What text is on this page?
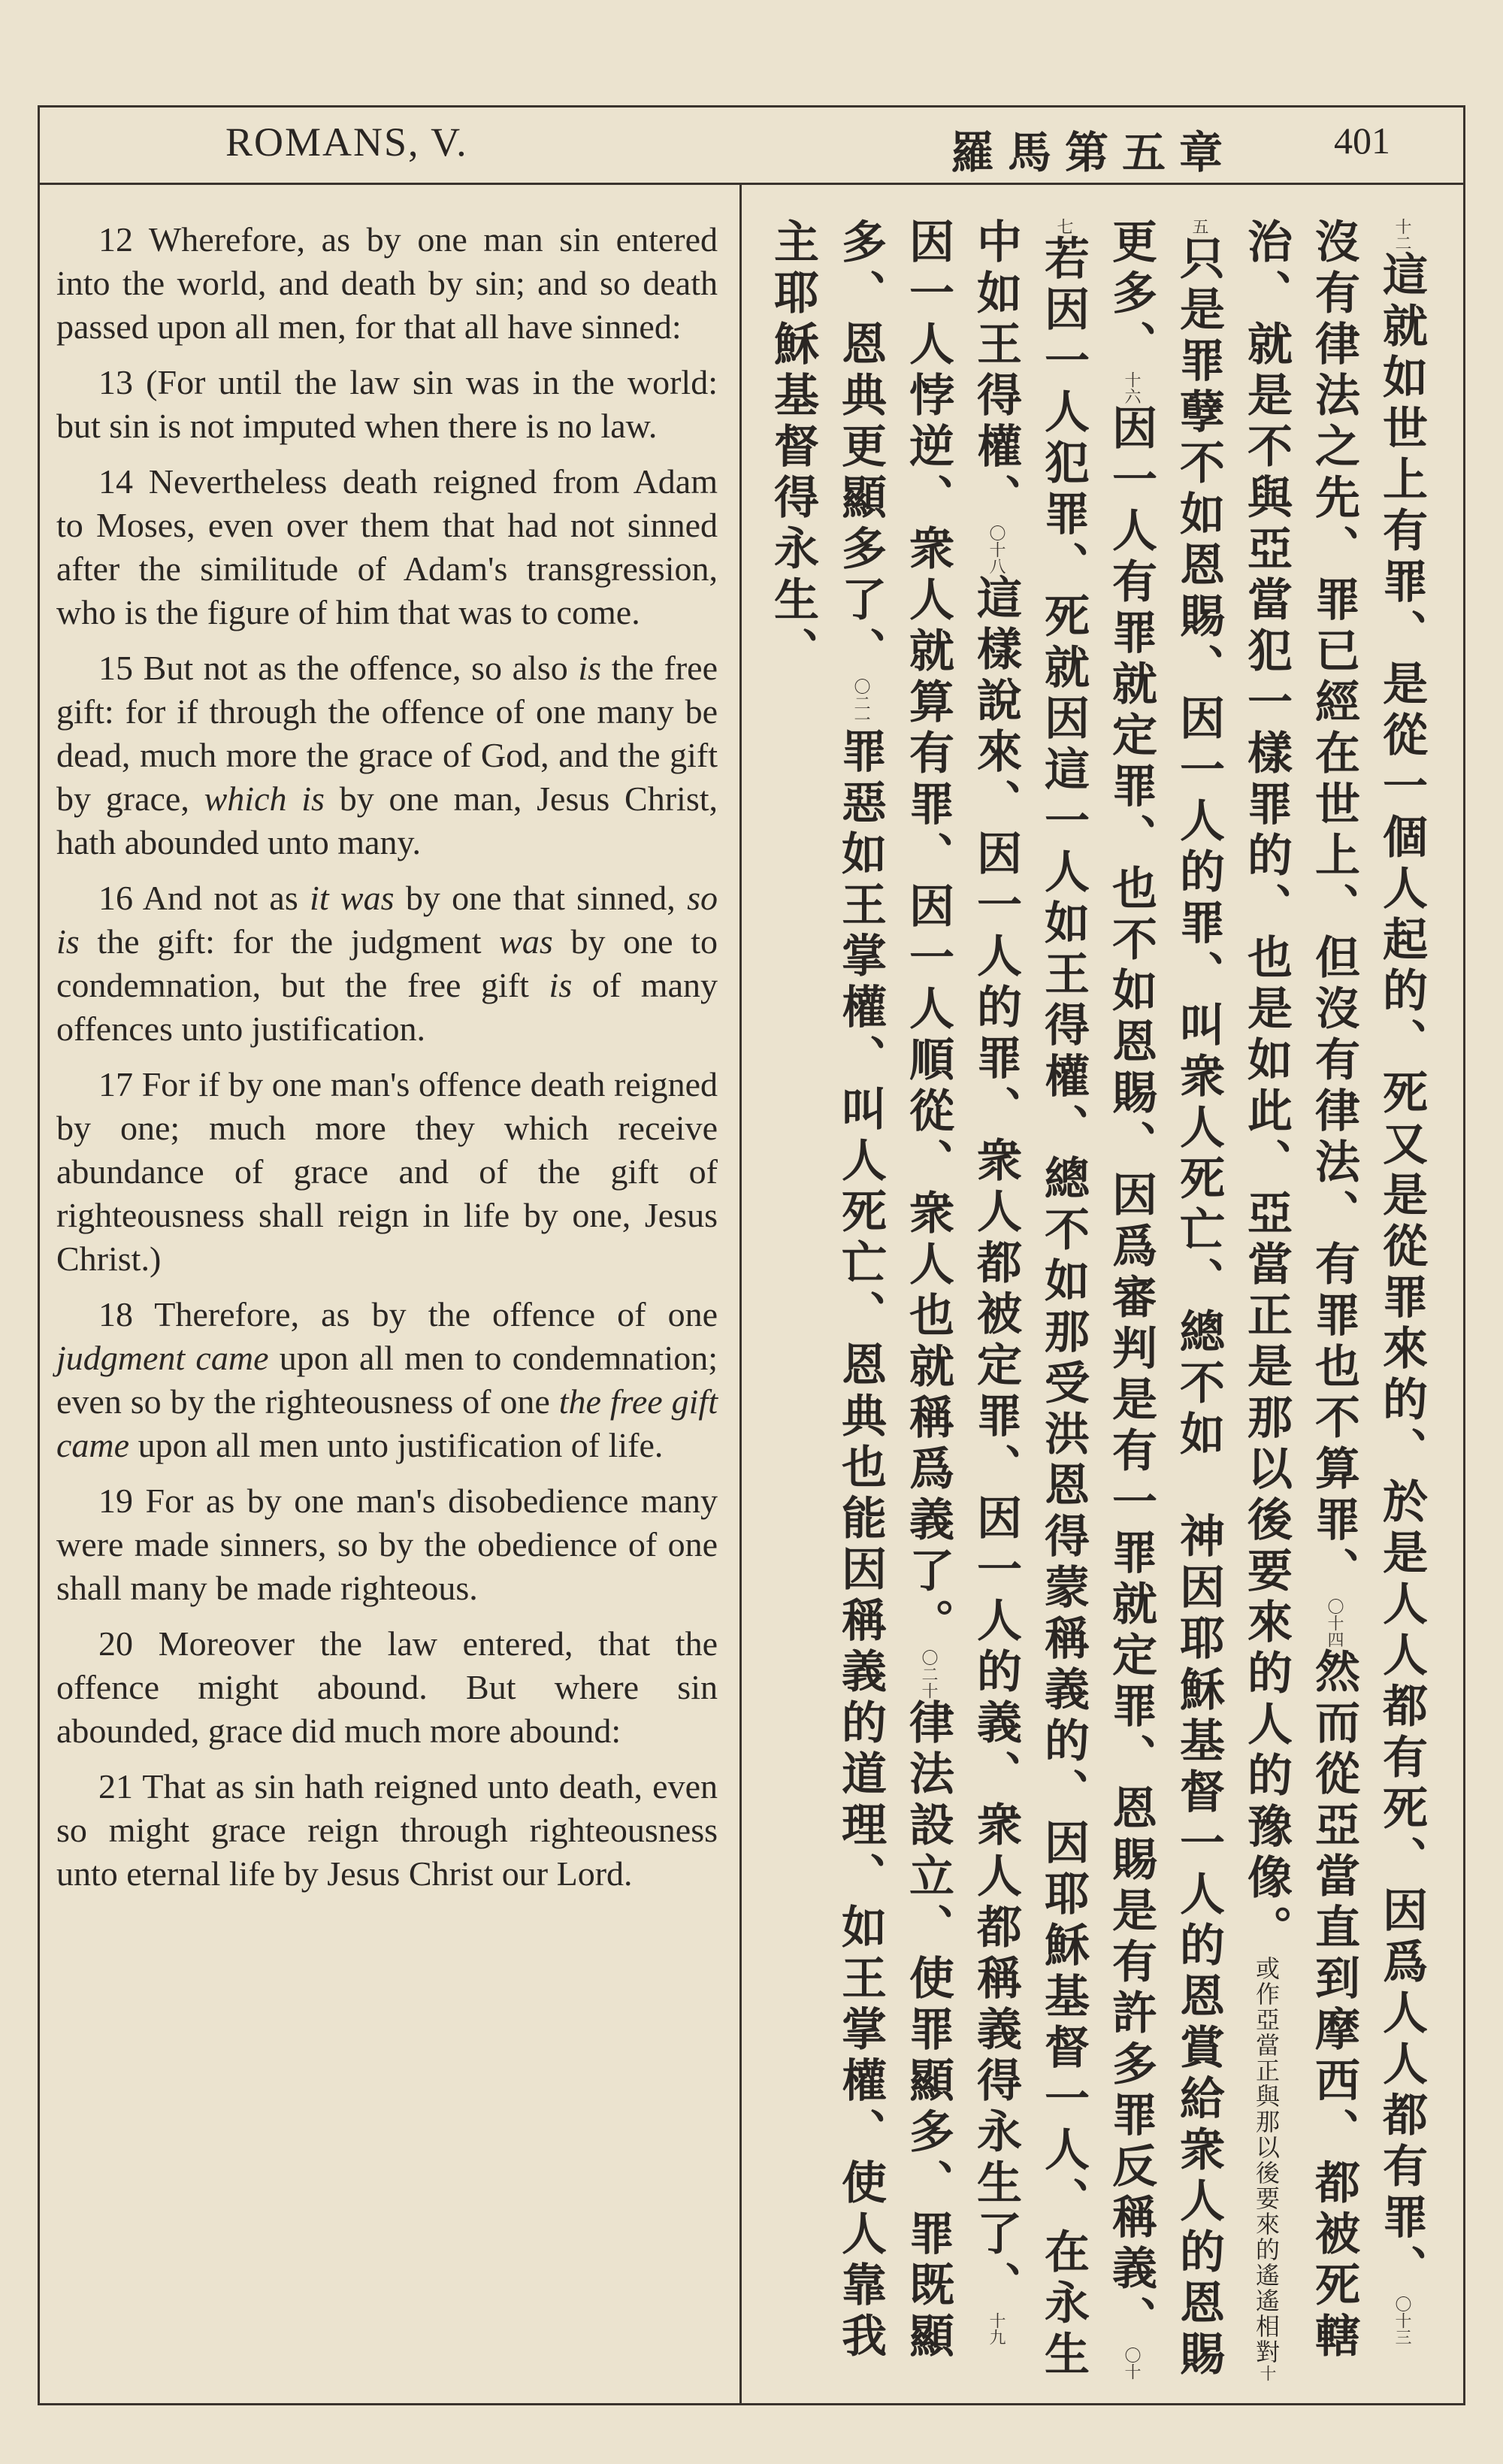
ROMANS, V.	羅馬第五章	401

12 Wherefore, as by one man sin entered into the world, and death by sin; and so death passed upon all men, for that all have sinned:

13 (For until the law sin was in the world: but sin is not imputed when there is no law.

14 Nevertheless death reigned from Adam to Moses, even over them that had not sinned after the similitude of Adam's transgression, who is the figure of him that was to come.

15 But not as the offence, so also is the free gift: for if through the offence of one many be dead, much more the grace of God, and the gift by grace, which is by one man, Jesus Christ, hath abounded unto many.

16 And not as it was by one that sinned, so is the gift: for the judgment was by one to condemnation, but the free gift is of many offences unto justification.

17 For if by one man's offence death reigned by one; much more they which receive abundance of grace and of the gift of righteousness shall reign in life by one, Jesus Christ.)

18 Therefore, as by the offence of one judgment came upon all men to condemnation; even so by the righteousness of one the free gift came upon all men unto justification of life.

19 For as by one man's disobedience many were made sinners, so by the obedience of one shall many be made righteous.

20 Moreover the law entered, that the offence might abound. But where sin abounded, grace did much more abound:

21 That as sin hath reigned unto death, even so might grace reign through righteousness unto eternal life by Jesus Christ our Lord.

十二這就如世上有罪、是從一個人起的、死又是從罪來的、於是人人都有死、因爲人人都有罪、〇十三沒有律法之先、罪已經在世上、但沒有律法、有罪也不算罪、〇十四然而從亞當直到摩西、都被死轄治、就是不與亞當犯一樣罪的、也是如此、亞當正是那以後要來的人的豫像。或作亞當正與那以後要來的遙遙相對十五只是罪孽不如恩賜、因一人的罪、叫衆人死亡、總不如　神因耶穌基督一人的恩賞給衆人的恩賜更多、十六因一人有罪就定罪、也不如恩賜、因爲審判是有一罪就定罪、恩賜是有許多罪反稱義、〇十七若因一人犯罪、死就因這一人如王得權、總不如那受洪恩得蒙稱義的、因耶穌基督一人、在永生中如王得權、〇十八這樣說來、因一人的罪、衆人都被定罪、因一人的義、衆人都稱義得永生了、十九因一人悖逆、衆人就算有罪、因一人順從、衆人也就稱爲義了。〇二十律法設立、使罪顯多、罪既顯多、恩典更顯多了、〇二一罪惡如王掌權、叫人死亡、恩典也能因稱義的道理、如王掌權、使人靠我主耶穌基督得永生、
